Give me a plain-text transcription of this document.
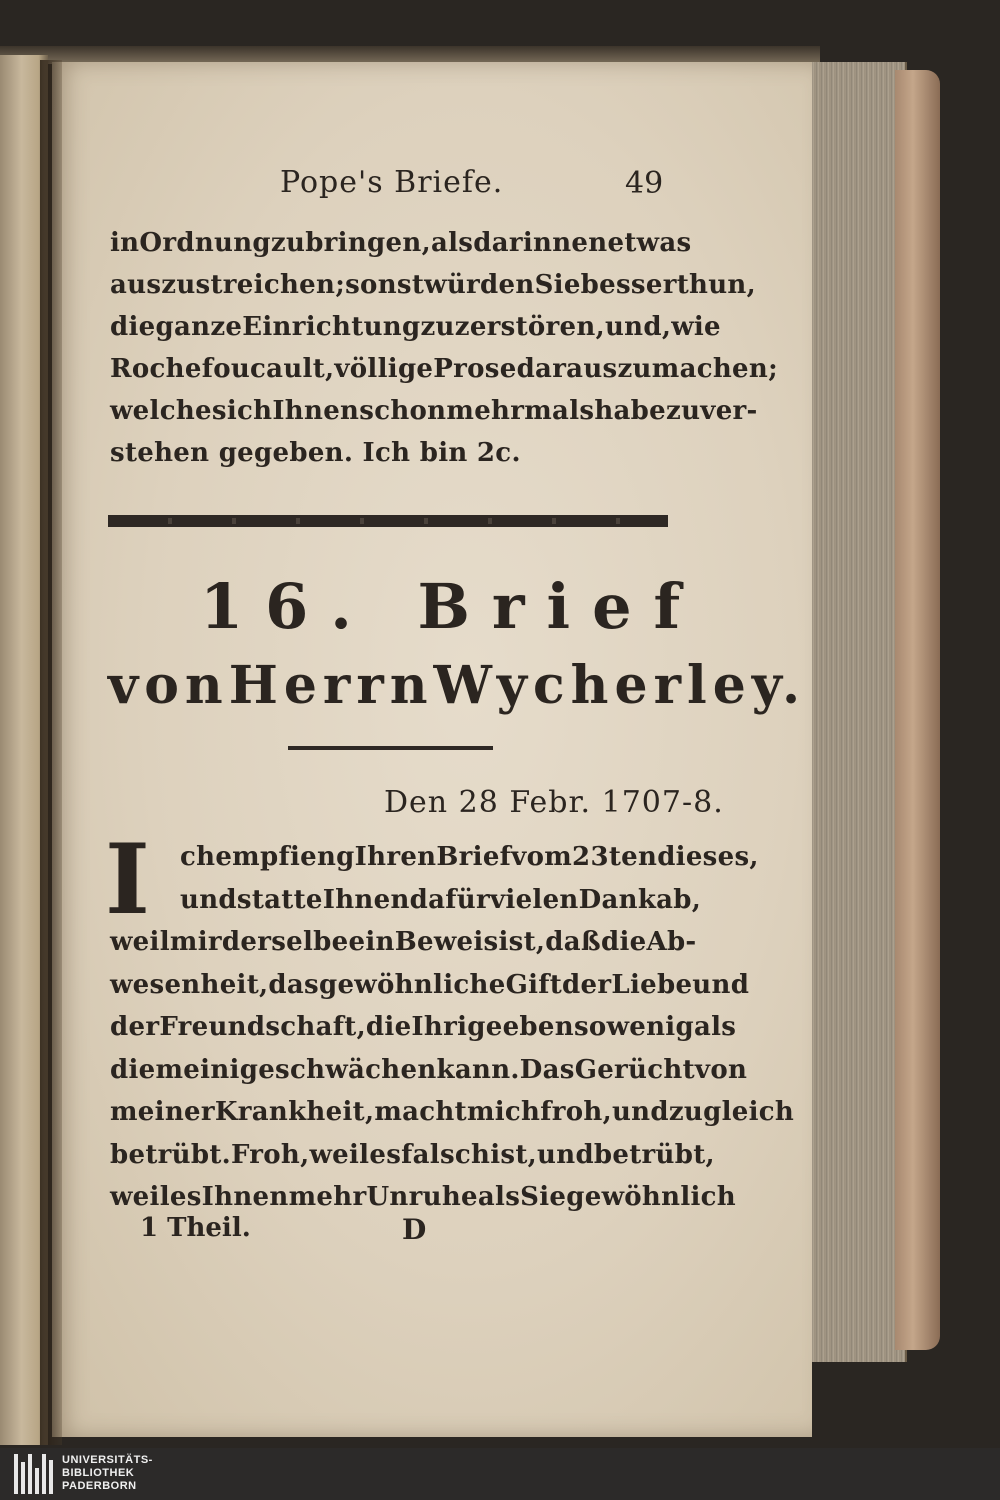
Pope's Briefe.	49
in Ordnung zu bringen, als darinnen etwas
auszustreichen; sonst würden Sie besser thun,
die ganze Einrichtung zu zerstören, und, wie
Rochefoucault, völlige Prose daraus zu machen;
welches ich Ihnen schon mehrmals habe zu ver-
stehen gegeben. Ich bin 2c.
16. Brief
von Herrn Wycherley.
Den 28 Febr. 1707-8.
I ch empfieng Ihren Brief vom 23ten dieses,
und statte Ihnen dafür vielen Dank ab,
weil mir derselbe ein Beweis ist, daß die Ab-
wesenheit, das gewöhnliche Gift der Liebe und
der Freundschaft, die Ihrige eben so wenig als
die meinige schwächen kann. Das Gerücht von
meiner Krankheit, macht mich froh, und zugleich
betrübt. Froh, weil es falsch ist, und betrübt,
weil es Ihnen mehr Unruhe als Sie gewöhnlich
1 Theil.	D
UNIVERSITÄTS-
BIBLIOTHEK
PADERBORN
